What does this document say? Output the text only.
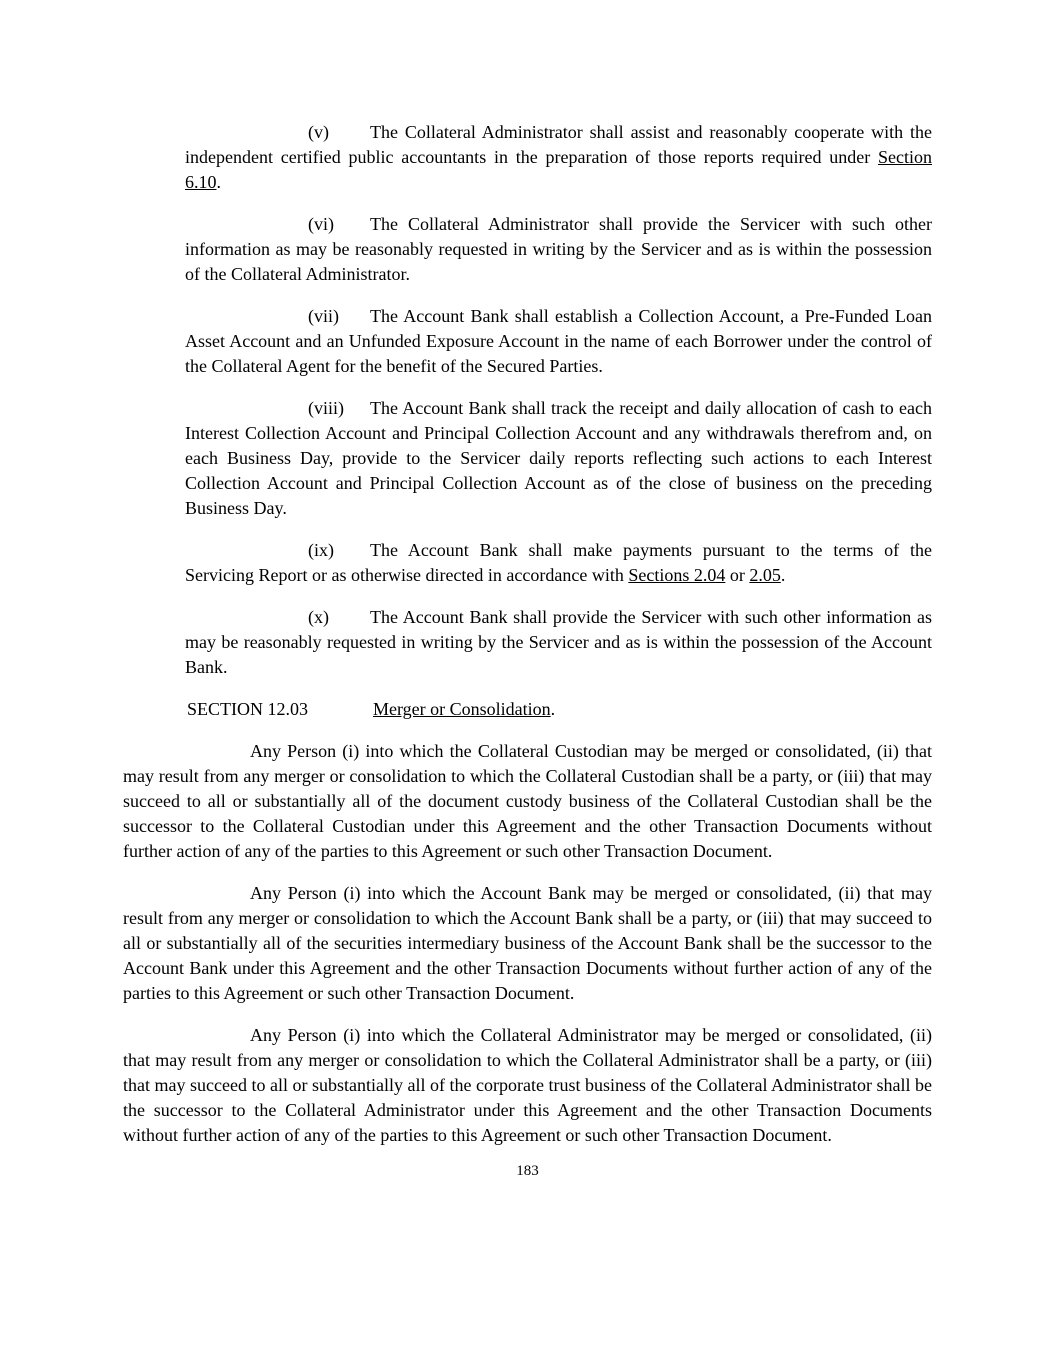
(v) The Collateral Administrator shall assist and reasonably cooperate with the independent certified public accountants in the preparation of those reports required under Section 6.10.

(vi) The Collateral Administrator shall provide the Servicer with such other information as may be reasonably requested in writing by the Servicer and as is within the possession of the Collateral Administrator.

(vii) The Account Bank shall establish a Collection Account, a Pre-Funded Loan Asset Account and an Unfunded Exposure Account in the name of each Borrower under the control of the Collateral Agent for the benefit of the Secured Parties.

(viii) The Account Bank shall track the receipt and daily allocation of cash to each Interest Collection Account and Principal Collection Account and any withdrawals therefrom and, on each Business Day, provide to the Servicer daily reports reflecting such actions to each Interest Collection Account and Principal Collection Account as of the close of business on the preceding Business Day.

(ix) The Account Bank shall make payments pursuant to the terms of the Servicing Report or as otherwise directed in accordance with Sections 2.04 or 2.05.

(x) The Account Bank shall provide the Servicer with such other information as may be reasonably requested in writing by the Servicer and as is within the possession of the Account Bank.

SECTION 12.03	Merger or Consolidation.

Any Person (i) into which the Collateral Custodian may be merged or consolidated, (ii) that may result from any merger or consolidation to which the Collateral Custodian shall be a party, or (iii) that may succeed to all or substantially all of the document custody business of the Collateral Custodian shall be the successor to the Collateral Custodian under this Agreement and the other Transaction Documents without further action of any of the parties to this Agreement or such other Transaction Document.

Any Person (i) into which the Account Bank may be merged or consolidated, (ii) that may result from any merger or consolidation to which the Account Bank shall be a party, or (iii) that may succeed to all or substantially all of the securities intermediary business of the Account Bank shall be the successor to the Account Bank under this Agreement and the other Transaction Documents without further action of any of the parties to this Agreement or such other Transaction Document.

Any Person (i) into which the Collateral Administrator may be merged or consolidated, (ii) that may result from any merger or consolidation to which the Collateral Administrator shall be a party, or (iii) that may succeed to all or substantially all of the corporate trust business of the Collateral Administrator shall be the successor to the Collateral Administrator under this Agreement and the other Transaction Documents without further action of any of the parties to this Agreement or such other Transaction Document.

183
